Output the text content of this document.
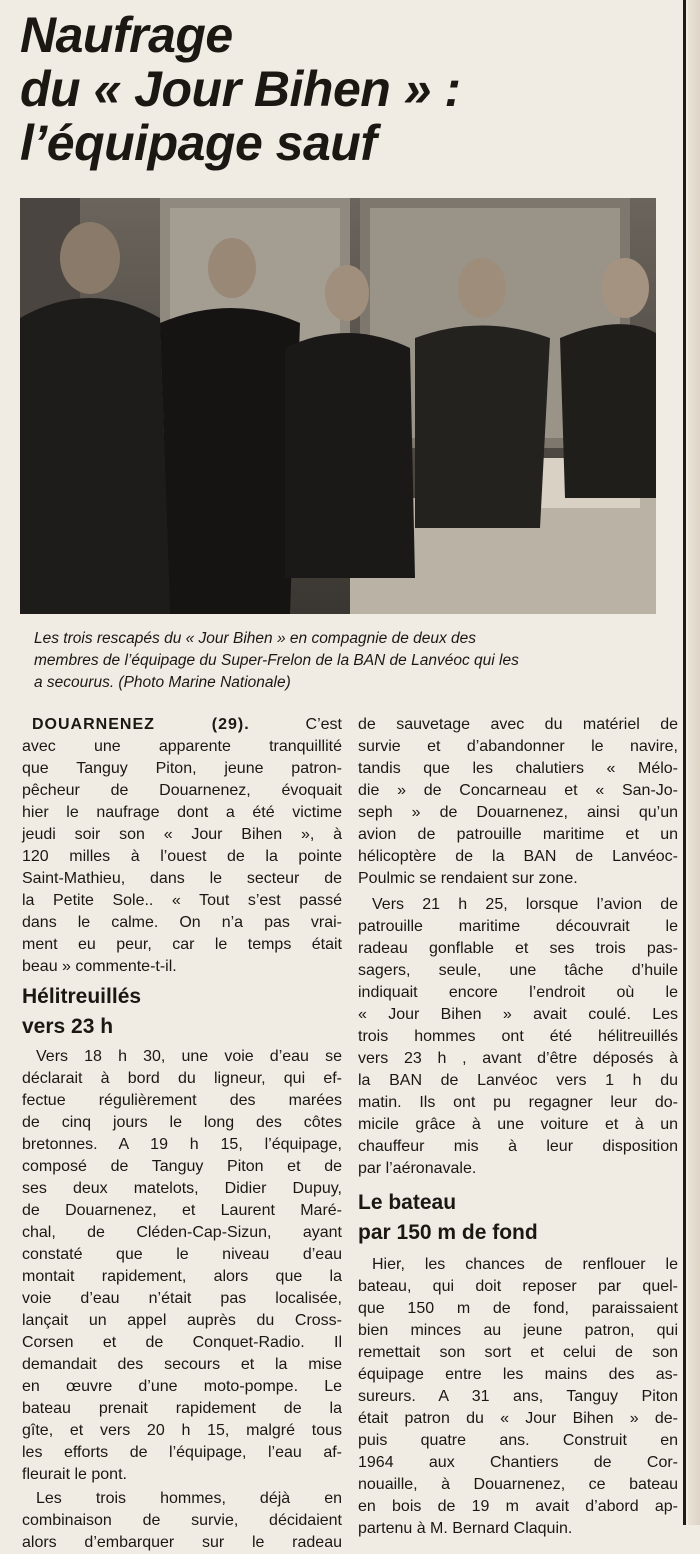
Naufrage
du « Jour Bihen » :
l’équipage sauf

Les trois rescapés du « Jour Bihen » en compagnie de deux des
membres de l’équipage du Super-Frelon de la BAN de Lanvéoc qui les
a secourus. (Photo Marine Nationale)

DOUARNENEZ (29).	C’est
avec une apparente tranquillité
que Tanguy Piton, jeune patron-
pêcheur de Douarnenez, évoquait
hier le naufrage dont a été victime
jeudi soir son « Jour Bihen », à
120 milles à l’ouest de la pointe
Saint-Mathieu, dans le secteur de
la Petite Sole.. « Tout s’est passé
dans le calme. On n’a pas vrai-
ment eu peur, car le temps était
beau » commente-t-il.

Hélitreuillés
vers 23 h

Vers 18 h 30, une voie d’eau se
déclarait à bord du ligneur, qui ef-
fectue régulièrement des marées
de cinq jours le long des côtes
bretonnes. A 19 h 15, l’équipage,
composé de Tanguy Piton et de
ses deux matelots, Didier Dupuy,
de Douarnenez, et Laurent Maré-
chal, de Cléden-Cap-Sizun, ayant
constaté que le niveau d’eau
montait rapidement, alors que la
voie d’eau n’était pas localisée,
lançait un appel auprès du Cross-
Corsen et de Conquet-Radio. Il
demandait des secours et la mise
en œuvre d’une moto-pompe. Le
bateau prenait rapidement de la
gîte, et vers 20 h 15, malgré tous
les efforts de l’équipage, l’eau af-
fleurait le pont.

Les trois hommes, déjà en
combinaison de survie, décidaient
alors d’embarquer sur le radeau

de sauvetage avec du matériel de
survie et d’abandonner le navire,
tandis que les chalutiers « Mélo-
die » de Concarneau et « San-Jo-
seph » de Douarnenez, ainsi qu’un
avion de patrouille maritime et un
hélicoptère de la BAN de Lanvéoc-
Poulmic se rendaient sur zone.

Vers 21 h 25, lorsque l’avion de
patrouille maritime découvrait le
radeau gonflable et ses trois pas-
sagers, seule, une tâche d’huile
indiquait encore l’endroit où le
« Jour Bihen » avait coulé. Les
trois hommes ont été hélitreuillés
vers 23 h , avant d’être déposés à
la BAN de Lanvéoc vers 1 h du
matin. Ils ont pu regagner leur do-
micile grâce à une voiture et à un
chauffeur mis à leur disposition
par l’aéronavale.

Le bateau
par 150 m de fond

Hier, les chances de renflouer le
bateau, qui doit reposer par quel-
que 150 m de fond, paraissaient
bien minces au jeune patron, qui
remettait son sort et celui de son
équipage entre les mains des as-
sureurs. A 31 ans, Tanguy Piton
était patron du « Jour Bihen » de-
puis quatre ans. Construit en
1964 aux Chantiers de Cor-
nouaille, à Douarnenez, ce bateau
en bois de 19 m avait d’abord ap-
partenu à M. Bernard Claquin.
